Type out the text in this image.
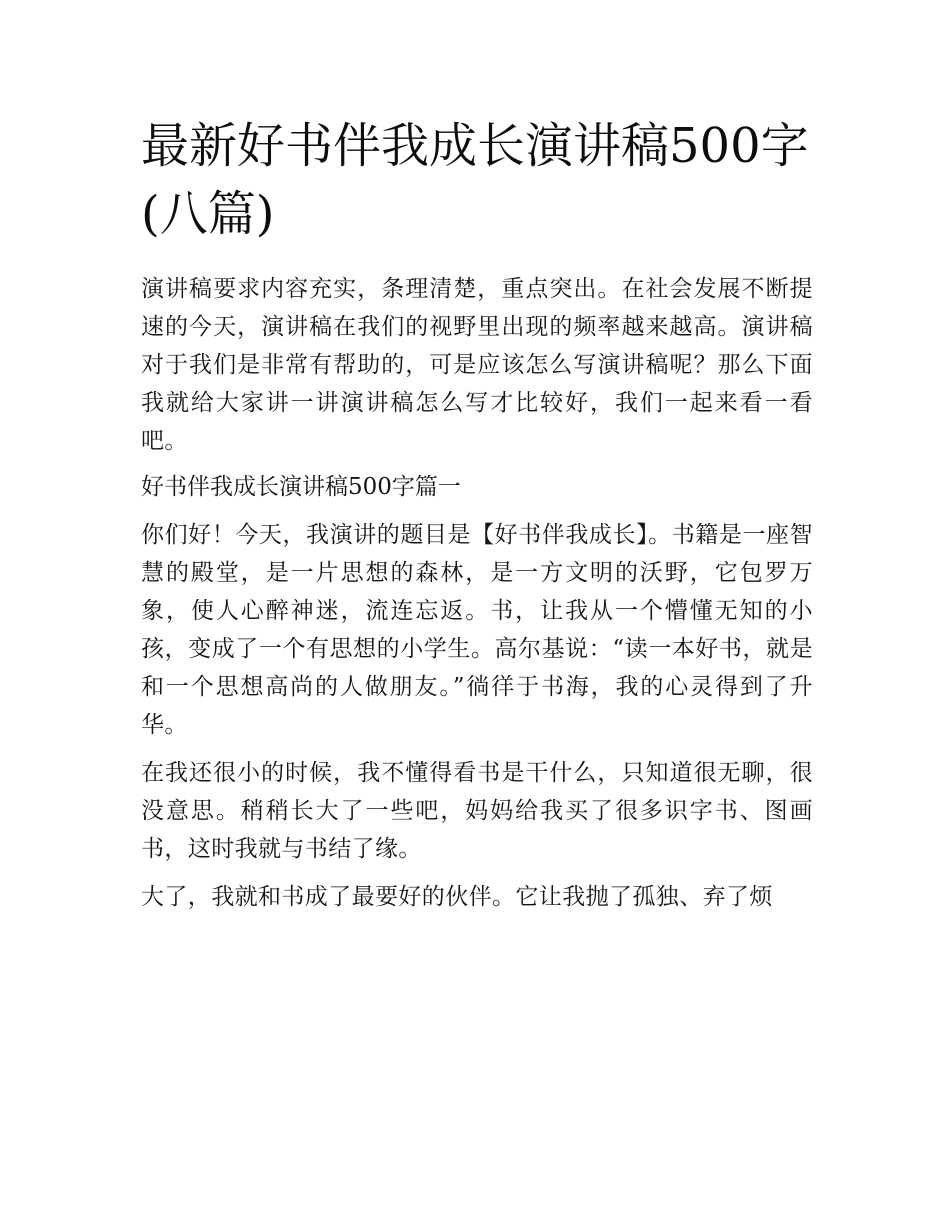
最新好书伴我成长演讲稿500字(八篇)

演讲稿要求内容充实，条理清楚，重点突出。在社会发展不断提速的今天，演讲稿在我们的视野里出现的频率越来越高。演讲稿对于我们是非常有帮助的，可是应该怎么写演讲稿呢？那么下面我就给大家讲一讲演讲稿怎么写才比较好，我们一起来看一看吧。

好书伴我成长演讲稿500字篇一

你们好！今天，我演讲的题目是【好书伴我成长】。书籍是一座智慧的殿堂，是一片思想的森林，是一方文明的沃野，它包罗万象，使人心醉神迷，流连忘返。书，让我从一个懵懂无知的小孩，变成了一个有思想的小学生。高尔基说：“读一本好书，就是和一个思想高尚的人做朋友。”徜徉于书海，我的心灵得到了升华。

在我还很小的时候，我不懂得看书是干什么，只知道很无聊，很没意思。稍稍长大了一些吧，妈妈给我买了很多识字书、图画书，这时我就与书结了缘。

大了，我就和书成了最要好的伙伴。它让我抛了孤独、弃了烦
